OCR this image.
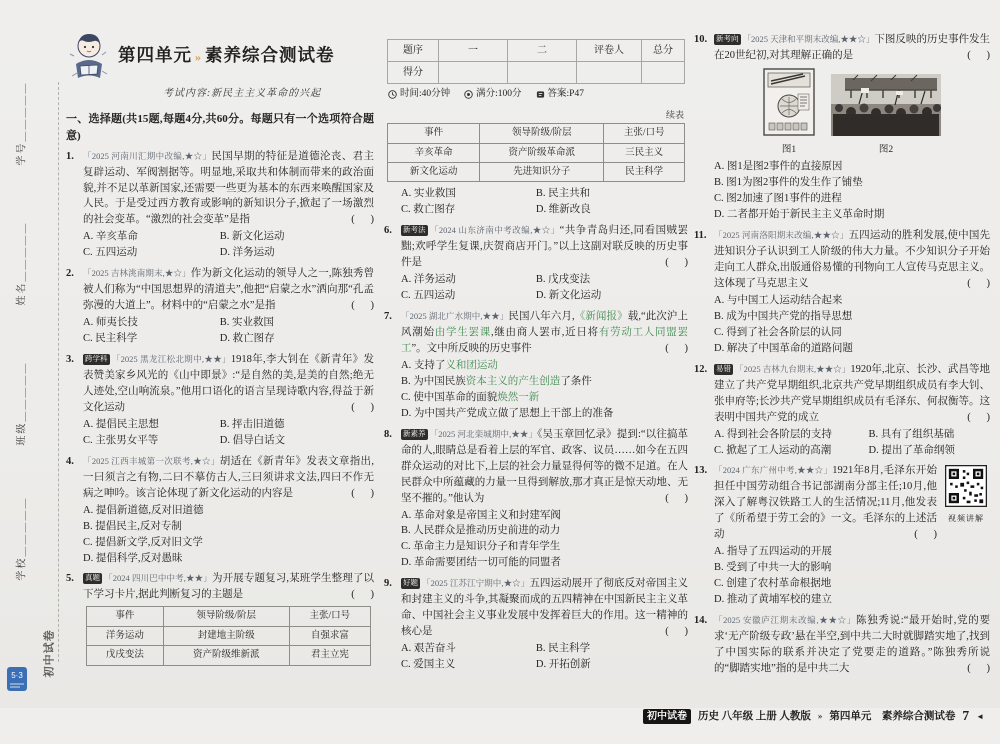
学号＿＿＿＿＿
姓名＿＿＿＿＿
班级＿＿＿＿＿
学校＿＿＿＿＿
初中试卷
5·3
第四单元 » 素养综合测试卷
考试内容:新民主主义革命的兴起
一、选择题(共15题,每题4分,共60分。每题只有一个选项符合题意)
1. 「2025 河南川汇期中改编,★☆」民国早期的特征是道德沦丧、君主复辟运动、军阀割据等。明显地,采取共和体制而带来的政治面貌,并不足以革新国家,还需要一些更为基本的东西来唤醒国家及人民。于是受过西方教育或影响的新知识分子,掀起了一场激烈的社会变革。“激烈的社会变革”是指	(      )
A. 辛亥革命	B. 新文化运动
C. 五四运动	D. 洋务运动
2. 「2025 吉林洮南期末,★☆」作为新文化运动的领导人之一,陈独秀曾被人们称为“中国思想界的清道夫”,他把“启蒙之水”洒向那“孔孟弥漫的大道上”。材料中的“启蒙之水”是指	(      )
A. 师夷长技	B. 实业救国
C. 民主科学	D. 救亡图存
3. 跨学科 「2025 黑龙江松北期中,★★」1918年,李大钊在《新青年》发表赞美家乡风光的《山中即景》:“是自然的美,是美的自然;绝无人迹处,空山响流泉。”他用口语化的语言呈现诗歌内容,得益于新文化运动	(      )
A. 提倡民主思想	B. 抨击旧道德
C. 主张男女平等	D. 倡导白话文
4. 「2025 江西丰城第一次联考,★☆」胡适在《新青年》发表文章指出,一曰须言之有物,二曰不摹仿古人,三曰须讲求文法,四曰不作无病之呻吟。该言论体现了新文化运动的内容是	(      )
A. 提倡新道德,反对旧道德
B. 提倡民主,反对专制
C. 提倡新文学,反对旧文学
D. 提倡科学,反对愚昧
5. 真题 「2024 四川巴中中考,★★」为开展专题复习,某班学生整理了以下学习卡片,据此判断复习的主题是	(      )
事件	领导阶级/阶层	主张/口号
洋务运动	封建地主阶级	自强求富
戊戌变法	资产阶级维新派	君主立宪
题序	一	二	评卷人	总分
得分				
时间:40分钟	满分:100分	答案:P47
续表
事件	领导阶级/阶层	主张/口号
辛亥革命	资产阶级革命派	三民主义
新文化运动	先进知识分子	民主科学
A. 实业救国	B. 民主共和
C. 救亡图存	D. 维新改良
6. 新考法 「2024 山东济南中考改编,★☆」“共争青岛归还,同看国贼罢黜;欢呼学生复课,庆贺商店开门。”以上这副对联反映的历史事件是	(      )
A. 洋务运动	B. 戊戌变法
C. 五四运动	D. 新文化运动
7. 「2025 湖北广水期中,★★」民国八年六月,《新闻报》载,“此次沪上风潮始由学生罢课,继由商人罢市,近日将有劳动工人同盟罢工”。文中所反映的历史事件	(      )
A. 支持了义和团运动
B. 为中国民族资本主义的产生创造了条件
C. 使中国革命的面貌焕然一新
D. 为中国共产党成立做了思想上干部上的准备
8. 新素养 「2025 河北栾城期中,★★」《吴玉章回忆录》提到:“以往搞革命的人,眼睛总是看着上层的军官、政客、议员……如今在五四群众运动的对比下,上层的社会力量显得何等的微不足道。在人民群众中所蕴藏的力量一旦得到解放,那才真正是惊天动地、无坚不摧的。”他认为	(      )
A. 革命对象是帝国主义和封建军阀
B. 人民群众是推动历史前进的动力
C. 革命主力是知识分子和青年学生
D. 革命需要团结一切可能的同盟者
9. 好题 「2025 江苏江宁期中,★☆」五四运动展开了彻底反对帝国主义和封建主义的斗争,其凝聚而成的五四精神在中国新民主主义革命、中国社会主义事业发展中发挥着巨大的作用。这一精神的核心是	(      )
A. 艰苦奋斗	B. 民主科学
C. 爱国主义	D. 开拓创新
10. 新考向 「2025 天津和平期末改编,★★☆」下图反映的历史事件发生在20世纪初,对其理解正确的是	(      )
图1	图2
A. 图1是图2事件的直接原因
B. 图1为图2事件的发生作了铺垫
C. 图2加速了图1事件的进程
D. 二者都开始于新民主主义革命时期
11. 「2025 河南洛阳期末改编,★★☆」五四运动的胜利发展,使中国先进知识分子认识到工人阶级的伟大力量。不少知识分子开始走向工人群众,出版通俗易懂的刊物向工人宣传马克思主义。这体现了马克思主义	(      )
A. 与中国工人运动结合起来
B. 成为中国共产党的指导思想
C. 得到了社会各阶层的认同
D. 解决了中国革命的道路问题
12. 易错 「2025 吉林九台期末,★★☆」1920年,北京、长沙、武昌等地建立了共产党早期组织,北京共产党早期组织成员有李大钊、张申府等;长沙共产党早期组织成员有毛泽东、何叔衡等。这表明中国共产党的成立	(      )
A. 得到社会各阶层的支持	B. 具有了组织基础
C. 掀起了工人运动的高潮	D. 提出了革命纲领
13.
视频讲解
「2024 广东广州中考,★★☆」1921年8月,毛泽东开始担任中国劳动组合书记部湖南分部主任;10月,他深入了解粤汉铁路工人的生活情况;11月,他发表了《所希望于劳工会的》一文。毛泽东的上述活动	(      )
A. 指导了五四运动的开展
B. 受到了中共一大的影响
C. 创建了农村革命根据地
D. 推动了黄埔军校的建立
14. 「2025 安徽庐江期末改编,★★☆」陈独秀说:“最开始时,党的要求‘无产阶级专政’悬在半空,到中共二大时就脚踏实地了,找到了中国实际的联系并决定了党要走的道路。”陈独秀所说的“脚踏实地”指的是中共二大	(      )
初中试卷	历史 八年级 上册 人教版 » 第四单元　素养综合测试卷 7 ◄
